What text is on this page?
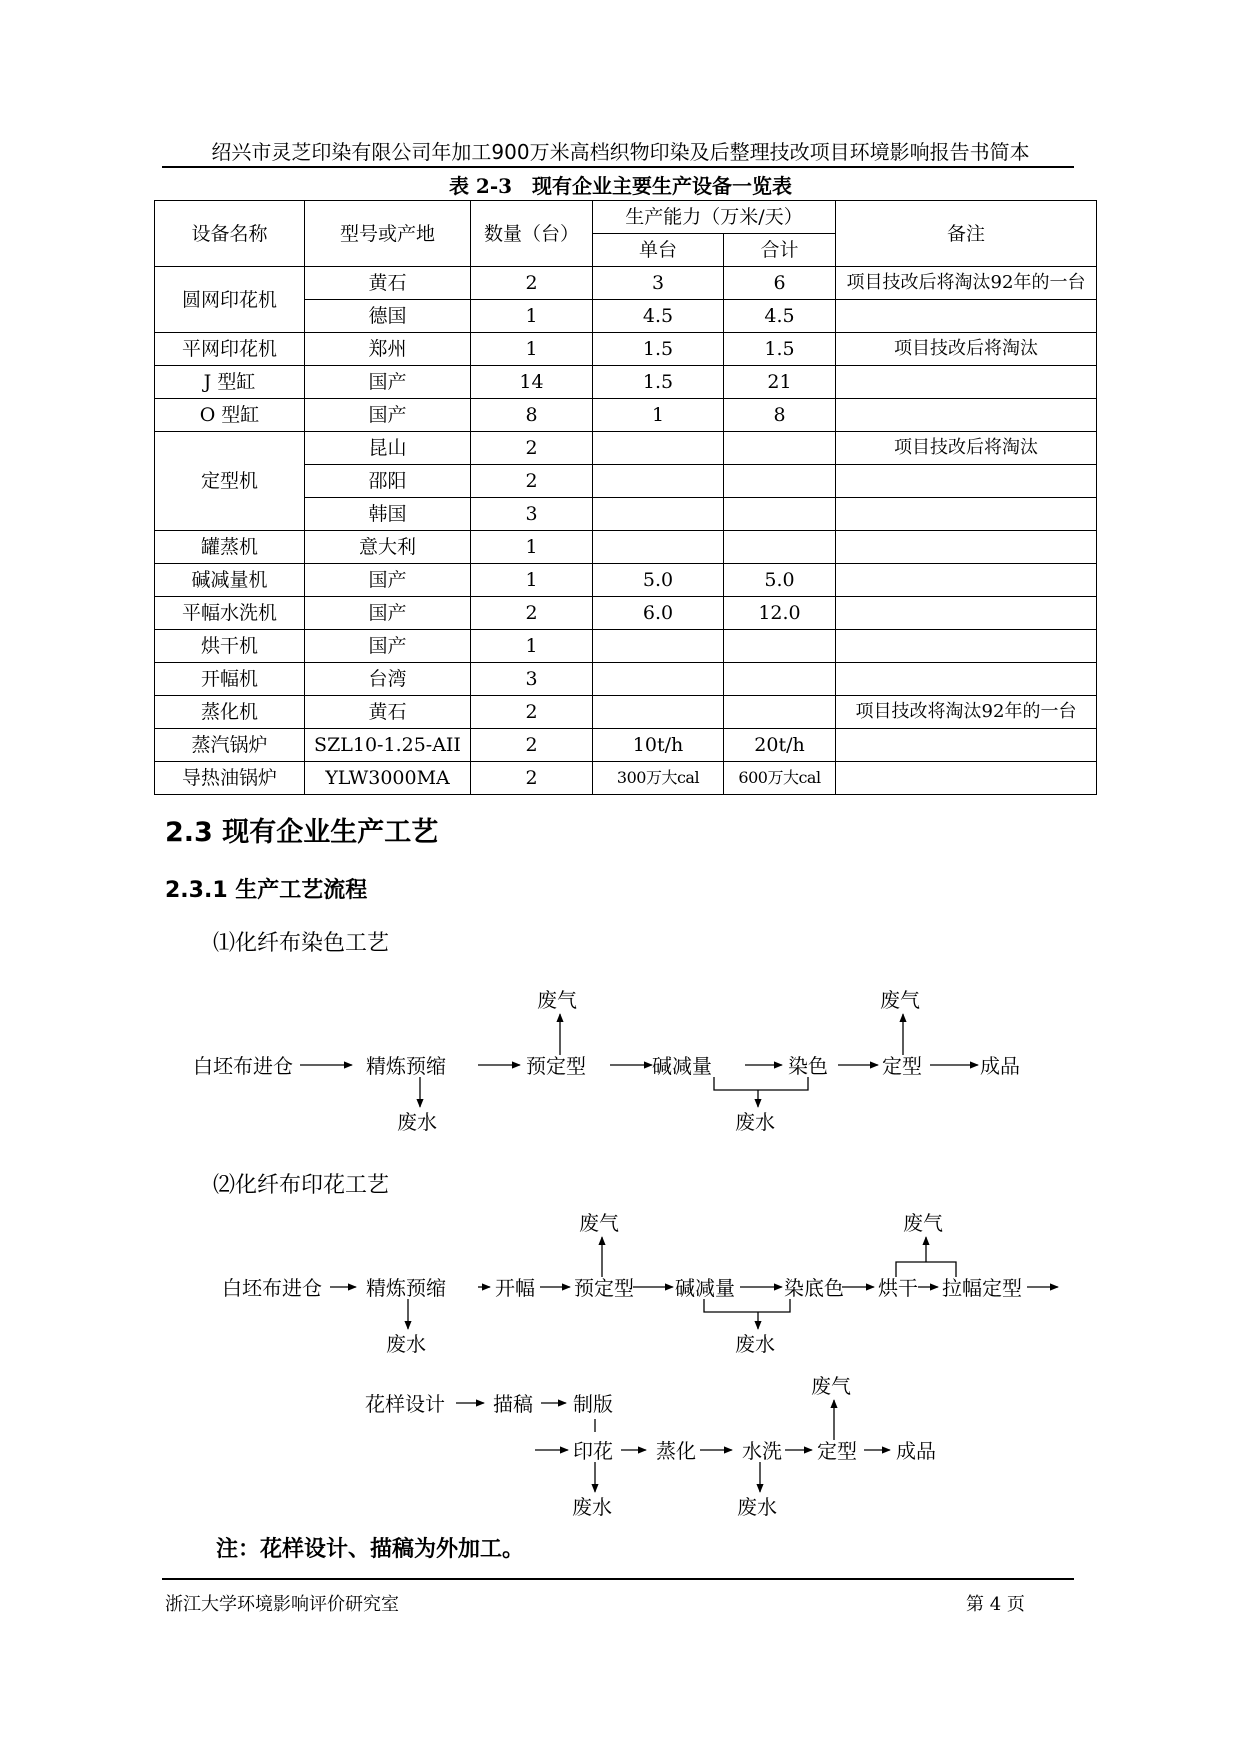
绍兴市灵芝印染有限公司年加工900万米高档织物印染及后整理技改项目环境影响报告书简本
表 2-3　现有企业主要生产设备一览表
设备名称	型号或产地	数量（台）	生产能力（万米/天）		备注
			单台	合计	
圆网印花机	黄石	2	3	6	项目技改后将淘汰92年的一台
	德国	1	4.5	4.5	
平网印花机	郑州	1	1.5	1.5	项目技改后将淘汰
J 型缸	国产	14	1.5	21	
O 型缸	国产	8	1	8	
定型机	昆山	2			项目技改后将淘汰
	邵阳	2			
	韩国	3			
罐蒸机	意大利	1			
碱减量机	国产	1	5.0	5.0	
平幅水洗机	国产	2	6.0	12.0	
烘干机	国产	1			
开幅机	台湾	3			
蒸化机	黄石	2			项目技改将淘汰92年的一台
蒸汽锅炉	SZL10-1.25-AII	2	10t/h	20t/h	
导热油锅炉	YLW3000MA	2	300万大cal	600万大cal	
2.3 现有企业生产工艺
2.3.1 生产工艺流程
⑴化纤布染色工艺
⑵化纤布印花工艺
白坯布进仓	精炼预缩	预定型	碱减量	染色	定型	成品
废气	废气
废水	废水
白坯布进仓 精炼预缩 开幅 预定型 碱减量 染底色 烘干 拉幅定型
废气	废气
废水	废水
花样设计 描稿 制版
印花 蒸化 水洗 定型 成品
废气
废水	废水
注：花样设计、描稿为外加工。
浙江大学环境影响评价研究室	第 4 页
